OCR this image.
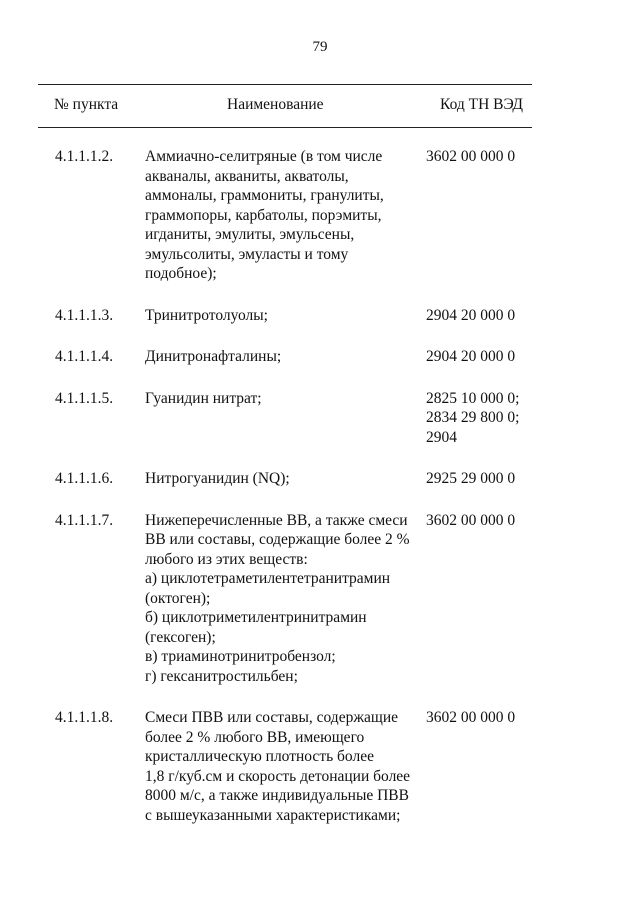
79
№ пункта	Наименование	Код ТН ВЭД
4.1.1.1.2.	Аммиачно-селитряные (в том числе
акваналы, акваниты, акватолы,
аммоналы, граммониты, гранулиты,
граммопоры, карбатолы, порэмиты,
игданиты, эмулиты, эмульсены,
эмульсолиты, эмуласты и тому
подобное);
3602 00 000 0
4.1.1.1.3.	Тринитротолуолы;	2904 20 000 0
4.1.1.1.4.	Динитронафталины;	2904 20 000 0
4.1.1.1.5.	Гуанидин нитрат;	2825 10 000 0;
2834 29 800 0;
2904
4.1.1.1.6.	Нитрогуанидин (NQ);	2925 29 000 0
4.1.1.1.7.	Нижеперечисленные ВВ, а также смеси
ВВ или составы, содержащие более 2 %
любого из этих веществ:
а) циклотетраметилентетранитрамин
(октоген);
б) циклотриметилентринитрамин
(гексоген);
в) триаминотринитробензол;
г) гексанитростильбен;
3602 00 000 0
4.1.1.1.8.	Смеси ПВВ или составы, содержащие
более 2 % любого ВВ, имеющего
кристаллическую плотность более
1,8 г/куб.см и скорость детонации более
8000 м/с, а также индивидуальные ПВВ
с вышеуказанными характеристиками;
3602 00 000 0
